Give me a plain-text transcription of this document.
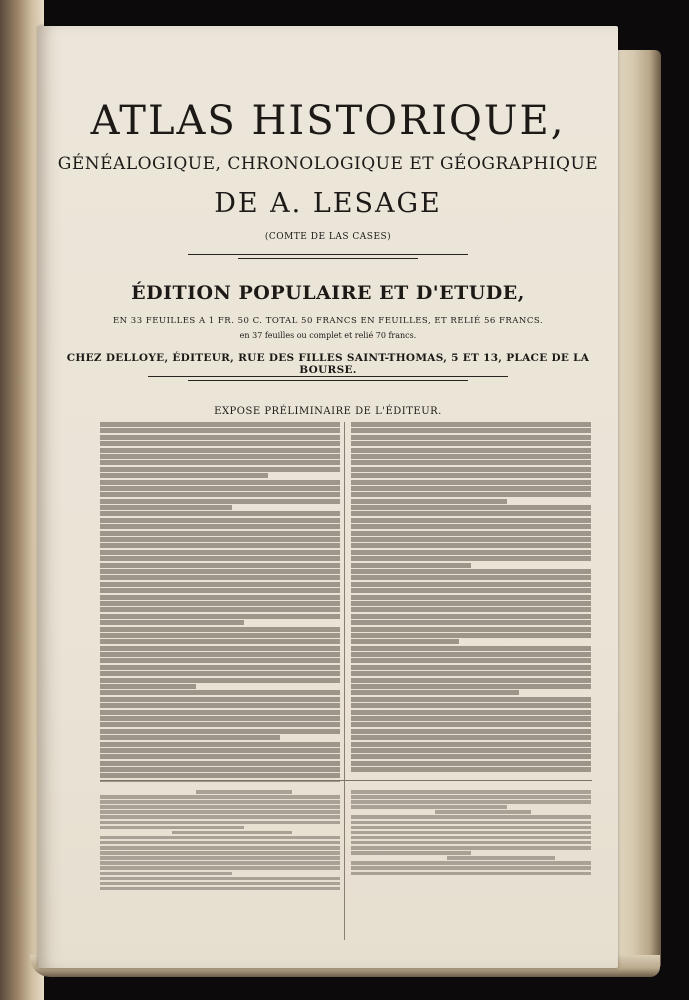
ATLAS HISTORIQUE,
GÉNÉALOGIQUE, CHRONOLOGIQUE ET GÉOGRAPHIQUE
DE A. LESAGE
(COMTE DE LAS CASES)
ÉDITION POPULAIRE ET D'ETUDE,
EN 33 FEUILLES A 1 FR. 50 C. TOTAL 50 FRANCS EN FEUILLES, ET RELIÉ 56 FRANCS.
en 37 feuilles ou complet et relié 70 francs.
CHEZ DELLOYE, ÉDITEUR, RUE DES FILLES SAINT-THOMAS, 5 ET 13, PLACE DE LA BOURSE.
EXPOSE PRÉLIMINAIRE DE L'ÉDITEUR.
